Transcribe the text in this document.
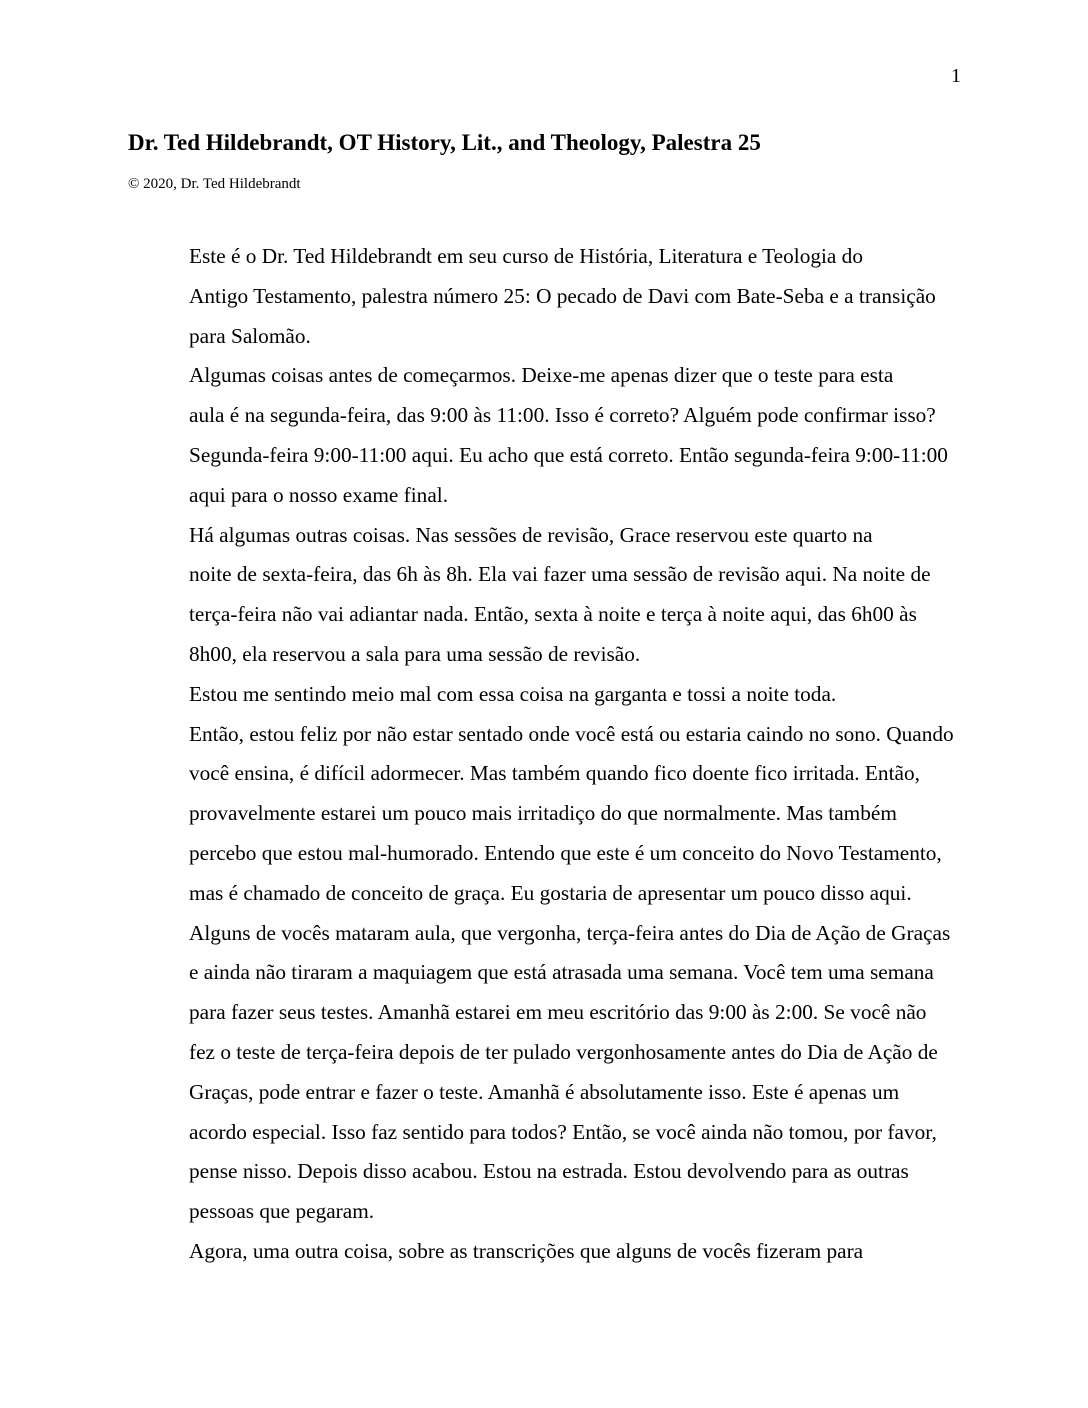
1
Dr. Ted Hildebrandt, OT History, Lit., and Theology, Palestra 25
© 2020, Dr. Ted Hildebrandt

Este é o Dr. Ted Hildebrandt em seu curso de História, Literatura e Teologia do
Antigo Testamento, palestra número 25: O pecado de Davi com Bate-Seba e a transição
para Salomão.

Algumas coisas antes de começarmos. Deixe-me apenas dizer que o teste para esta
aula é na segunda-feira, das 9:00 às 11:00. Isso é correto? Alguém pode confirmar isso?
Segunda-feira 9:00-11:00 aqui. Eu acho que está correto. Então segunda-feira 9:00-11:00
aqui para o nosso exame final.

Há algumas outras coisas. Nas sessões de revisão, Grace reservou este quarto na
noite de sexta-feira, das 6h às 8h. Ela vai fazer uma sessão de revisão aqui. Na noite de
terça-feira não vai adiantar nada. Então, sexta à noite e terça à noite aqui, das 6h00 às
8h00, ela reservou a sala para uma sessão de revisão.

Estou me sentindo meio mal com essa coisa na garganta e tossi a noite toda.
Então, estou feliz por não estar sentado onde você está ou estaria caindo no sono. Quando
você ensina, é difícil adormecer. Mas também quando fico doente fico irritada. Então,
provavelmente estarei um pouco mais irritadiço do que normalmente. Mas também
percebo que estou mal-humorado. Entendo que este é um conceito do Novo Testamento,
mas é chamado de conceito de graça. Eu gostaria de apresentar um pouco disso aqui.
Alguns de vocês mataram aula, que vergonha, terça-feira antes do Dia de Ação de Graças
e ainda não tiraram a maquiagem que está atrasada uma semana. Você tem uma semana
para fazer seus testes. Amanhã estarei em meu escritório das 9:00 às 2:00. Se você não
fez o teste de terça-feira depois de ter pulado vergonhosamente antes do Dia de Ação de
Graças, pode entrar e fazer o teste. Amanhã é absolutamente isso. Este é apenas um
acordo especial. Isso faz sentido para todos? Então, se você ainda não tomou, por favor,
pense nisso. Depois disso acabou. Estou na estrada. Estou devolvendo para as outras
pessoas que pegaram.

Agora, uma outra coisa, sobre as transcrições que alguns de vocês fizeram para
